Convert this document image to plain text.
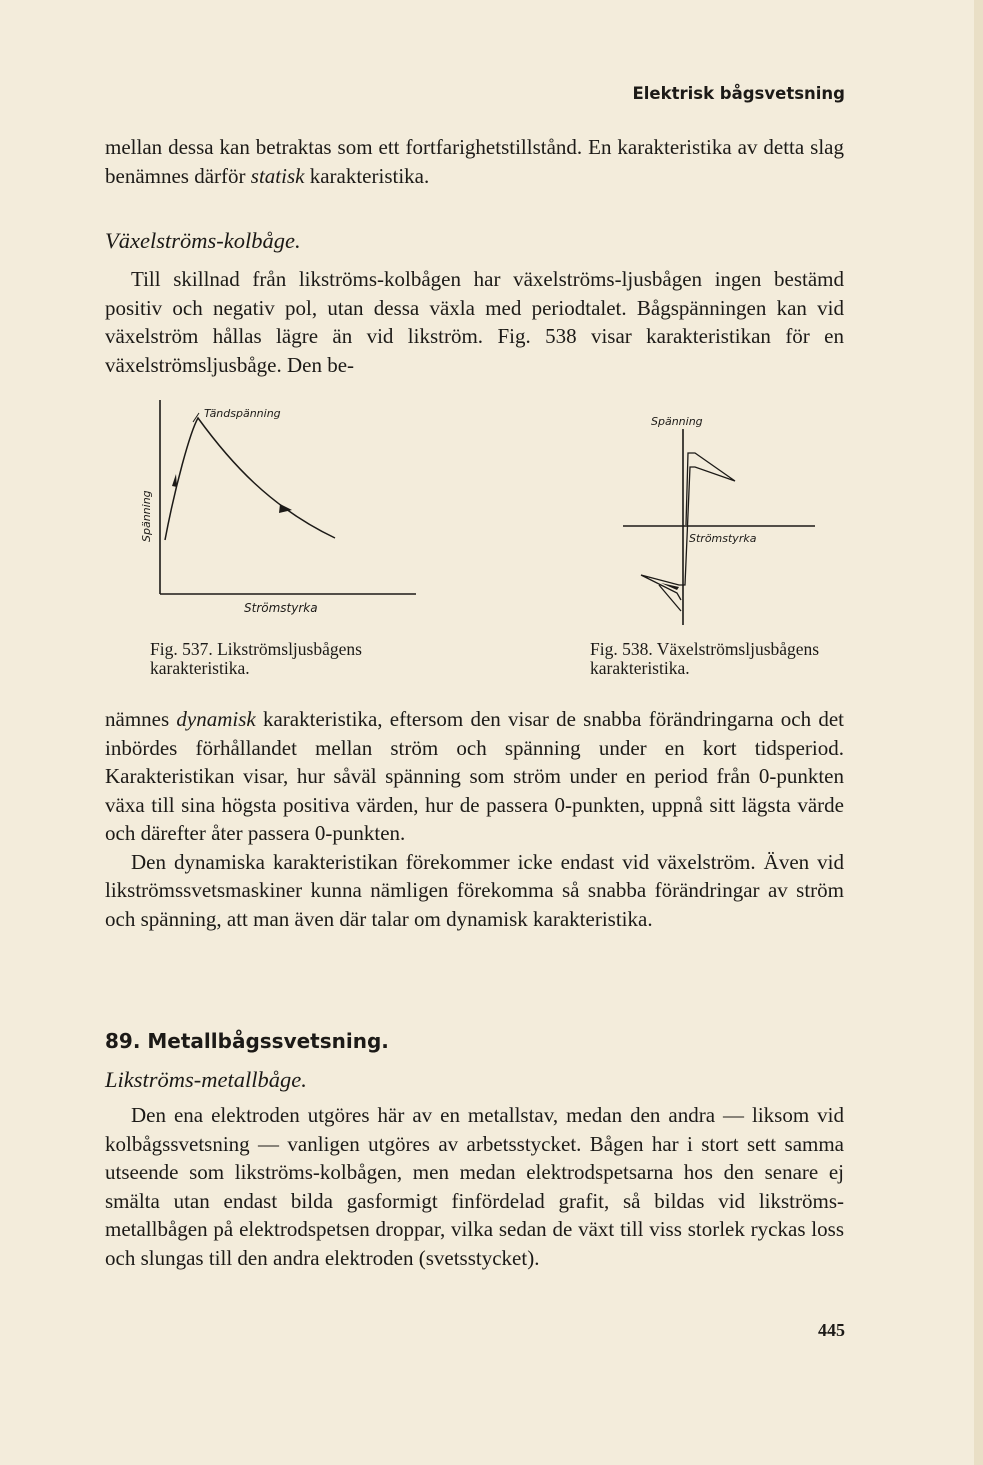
Elektrisk bågsvetsning

mellan dessa kan betraktas som ett fortfarighetstillstånd. En karakteristika av detta slag benämnes därför statisk karakteristika.

Växelströms-kolbåge.

Till skillnad från likströms-kolbågen har växelströms-ljusbågen ingen bestämd positiv och negativ pol, utan dessa växla med periodtalet. Bågspänningen kan vid växelström hållas lägre än vid likström. Fig. 538 visar karakteristikan för en växelströmsljusbåge. Den be-

Tändspänning
Spänning
Strömstyrka
Spänning
Strömstyrka
Fig. 537. Likströmsljusbågens karakteristika.
Fig. 538. Växelströmsljusbågens karakteristika.

nämnes dynamisk karakteristika, eftersom den visar de snabba förändringarna och det inbördes förhållandet mellan ström och spänning under en kort tidsperiod. Karakteristikan visar, hur såväl spänning som ström under en period från 0-punkten växa till sina högsta positiva värden, hur de passera 0-punkten, uppnå sitt lägsta värde och därefter åter passera 0-punkten.

Den dynamiska karakteristikan förekommer icke endast vid växelström. Även vid likströmssvetsmaskiner kunna nämligen förekomma så snabba förändringar av ström och spänning, att man även där talar om dynamisk karakteristika.

89. Metallbågssvetsning.
Likströms-metallbåge.

Den ena elektroden utgöres här av en metallstav, medan den andra — liksom vid kolbågssvetsning — vanligen utgöres av arbetsstycket. Bågen har i stort sett samma utseende som likströms-kolbågen, men medan elektrodspetsarna hos den senare ej smälta utan endast bilda gasformigt finfördelad grafit, så bildas vid likströms-metallbågen på elektrodspetsen droppar, vilka sedan de växt till viss storlek ryckas loss och slungas till den andra elektroden (svetsstycket).

445
